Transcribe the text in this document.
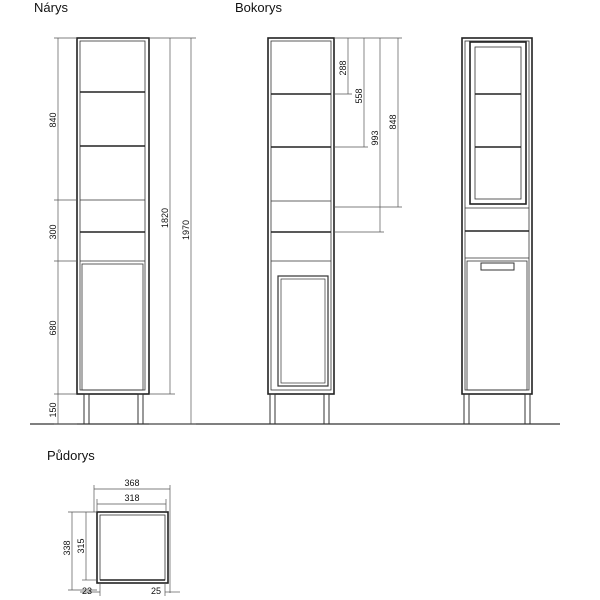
Nárys	Bokorys
Půdorys
840
300
680
150
1820
1970
288
558
993
848
368
318
338 315
23	25
